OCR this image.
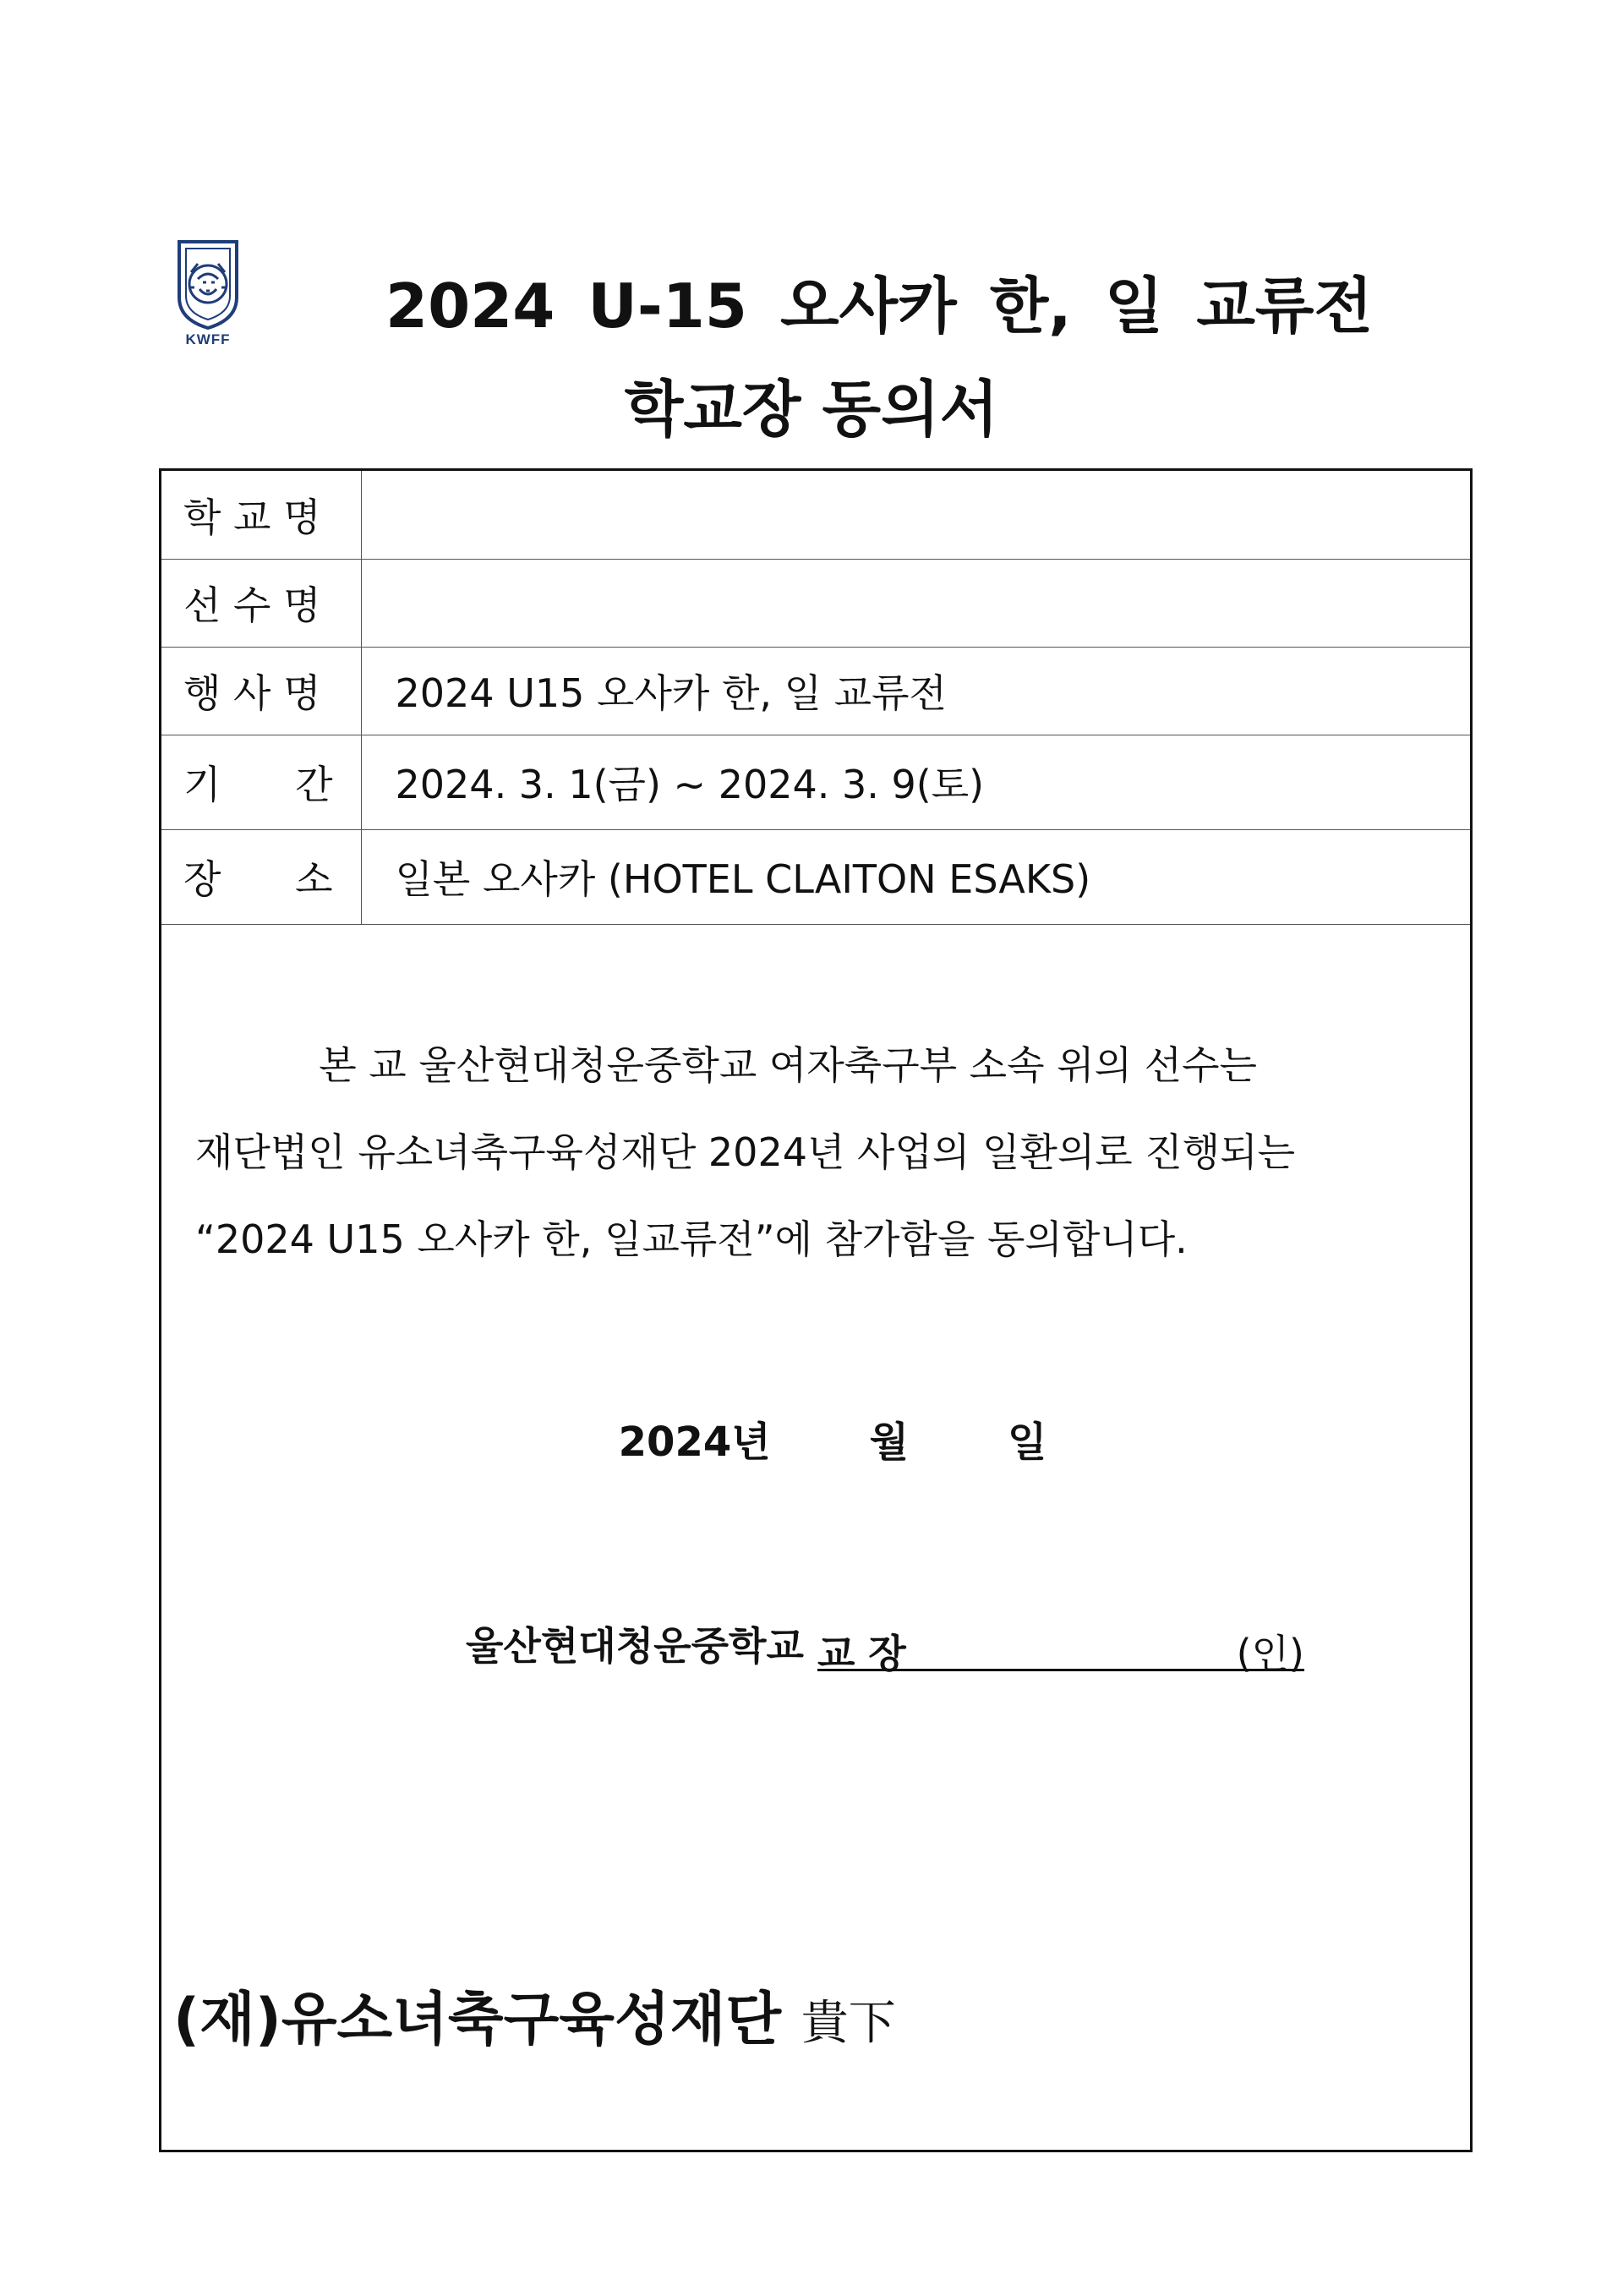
KWFF	2024 U-15 오사카 한, 일 교류전
학교장 동의서
학 교 명	
선 수 명	
행 사 명	2024 U15 오사카 한, 일 교류전
기      간	2024. 3. 1(금) ~ 2024. 3. 9(토)
장      소	일본 오사카 (HOTEL CLAITON ESAKS)

본 교 울산현대청운중학교 여자축구부 소속 위의 선수는
재단법인 유소녀축구육성재단 2024년 사업의 일환의로 진행되는
“2024 U15 오사카 한, 일교류전”에 참가함을 동의합니다.

2024년 월 일
울산현대청운중학교 교 장	(인)

(재)유소녀축구육성재단 貴下
